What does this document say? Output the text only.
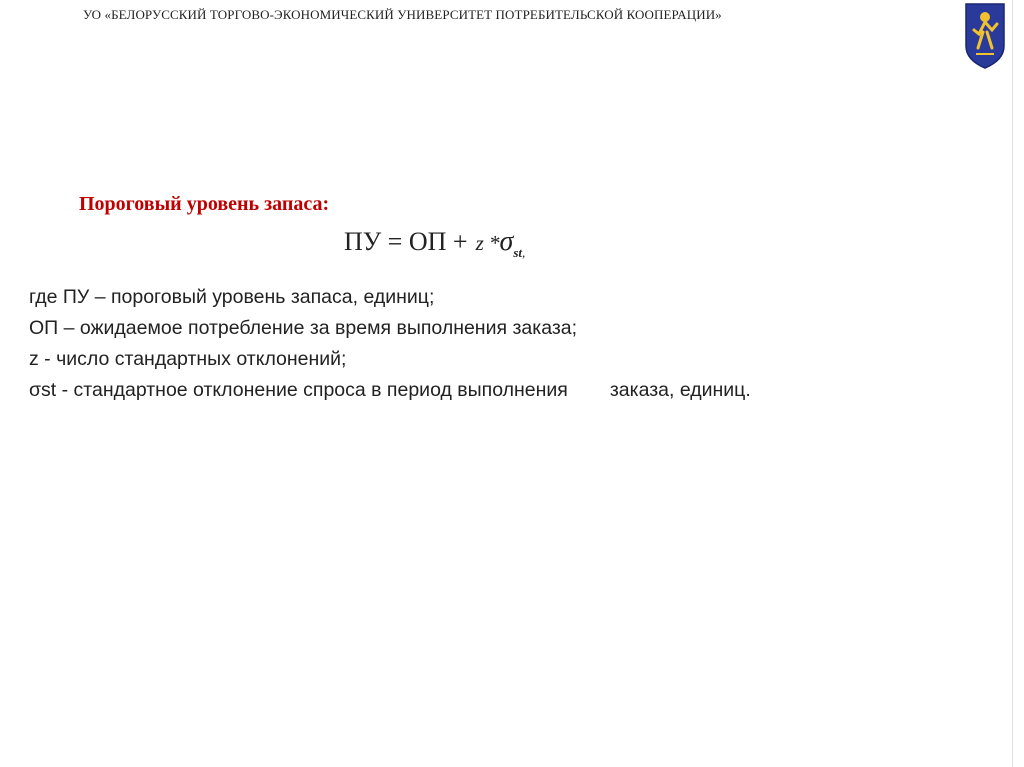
УО «БЕЛОРУССКИЙ ТОРГОВО-ЭКОНОМИЧЕСКИЙ УНИВЕРСИТЕТ ПОТРЕБИТЕЛЬСКОЙ КООПЕРАЦИИ»
Пороговый уровень запаса:
ПУ = ОП + z $*\sigma_{st,}$
где ПУ – пороговый уровень запаса, единиц;
ОП – ожидаемое потребление за время выполнения заказа;
z - число стандартных отклонений;
σst - стандартное отклонение спроса в период выполнения заказа, единиц.
